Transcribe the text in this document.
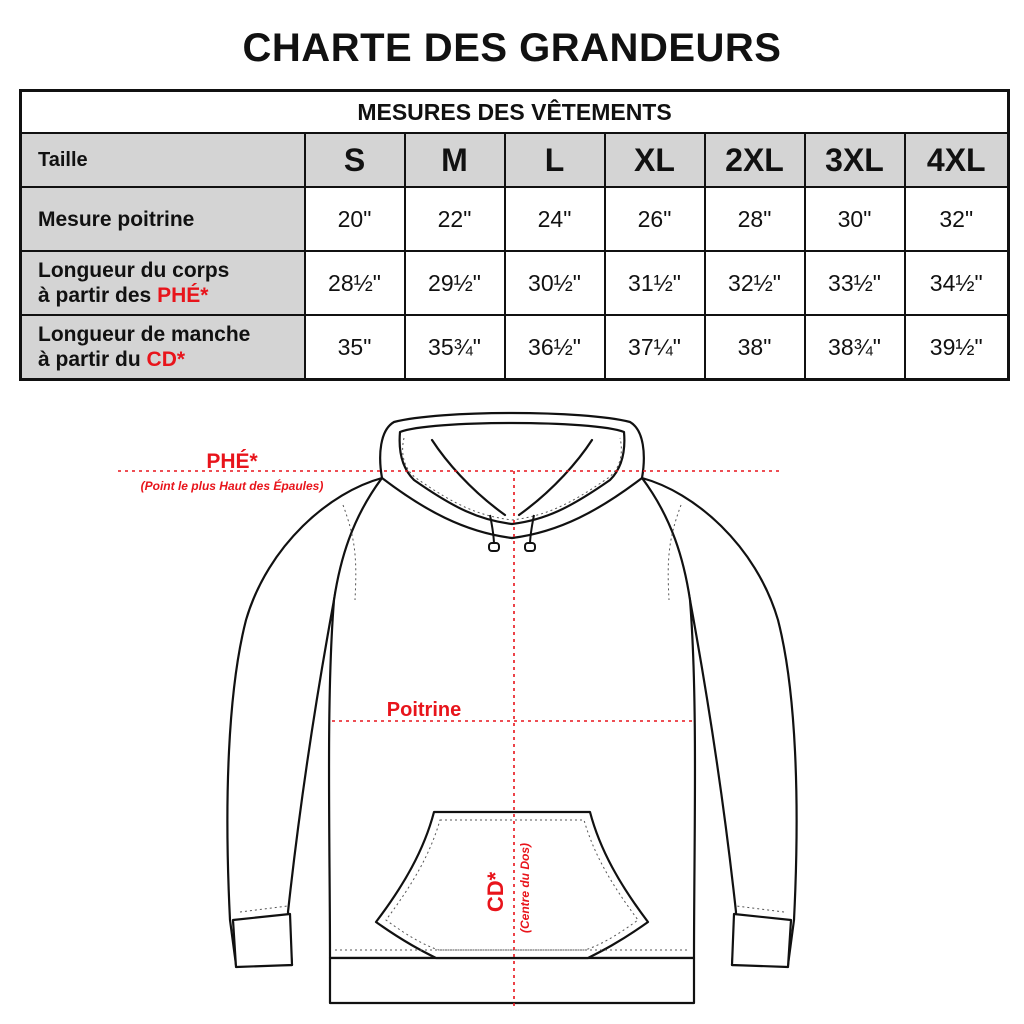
CHARTE DES GRANDEURS
MESURES DES VÊTEMENTS							
Taille	S	M	L	XL	2XL	3XL	4XL
Mesure poitrine	20"	22"	24"	26"	28"	30"	32"
Longueur du corps
à partir des PHÉ*	28½"	29½"	30½"	31½"	32½"	33½"	34½"
Longueur de manche
à partir du CD*	35"	35¾"	36½"	37¼"	38"	38¾"	39½"
PHÉ*
(Point le plus Haut des Épaules)
Poitrine
CD* (Centre du Dos)
